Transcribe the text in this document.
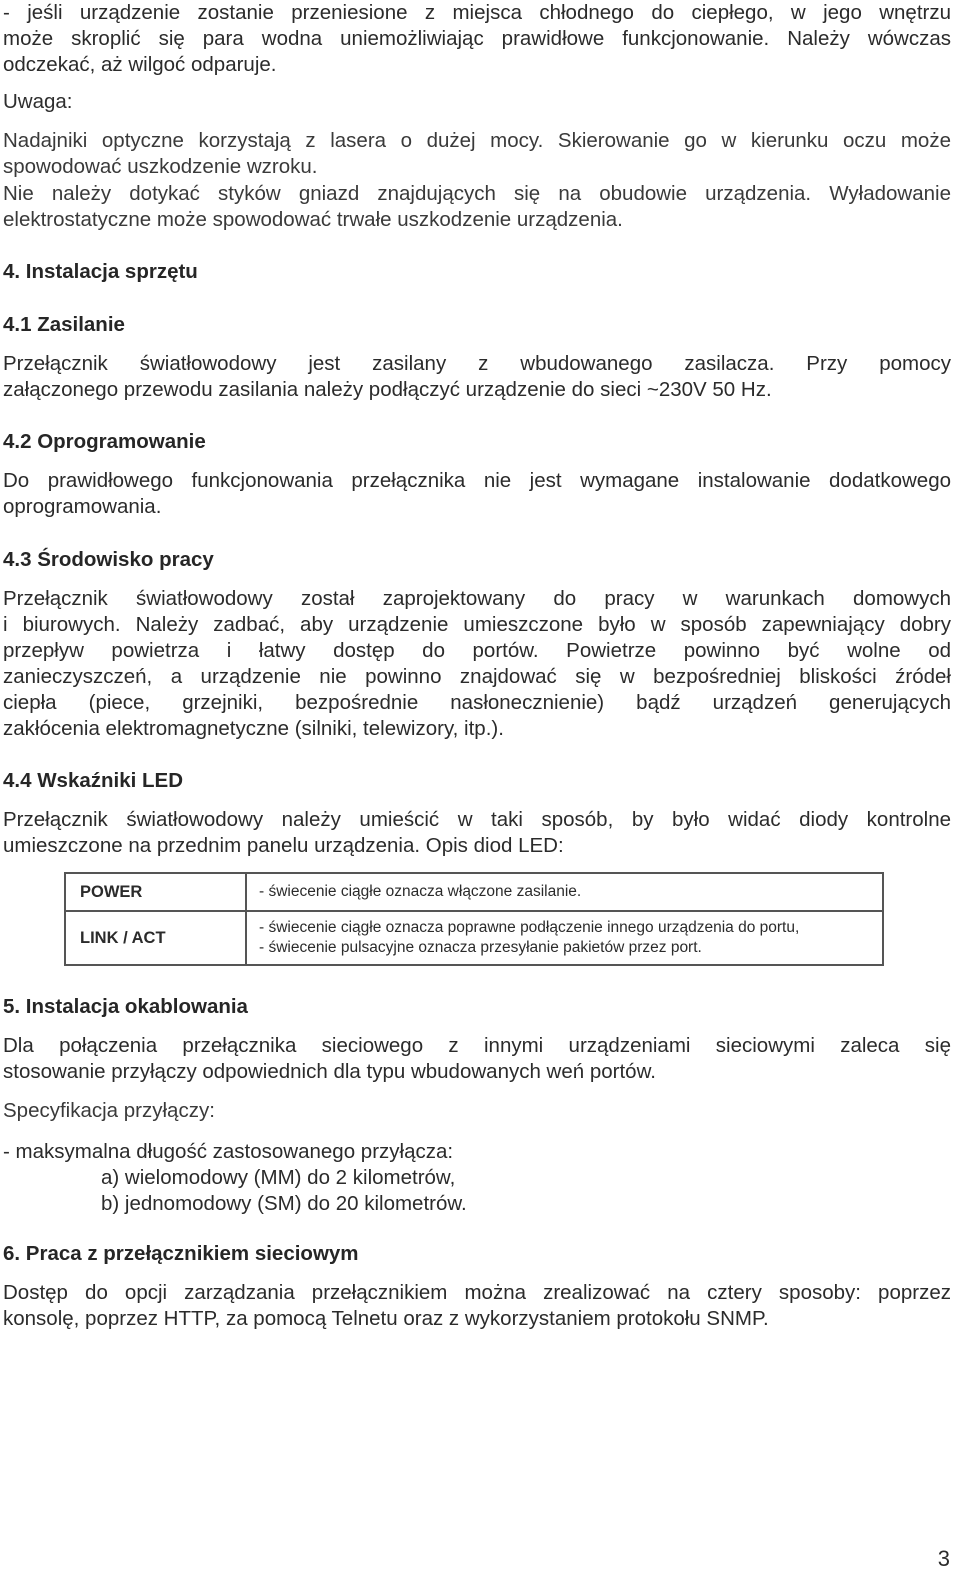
- jeśli urządzenie zostanie przeniesione z miejsca chłodnego do ciepłego, w jego wnętrzu

może skroplić się para wodna uniemożliwiając prawidłowe funkcjonowanie. Należy wówczas

odczekać, aż wilgoć odparuje.

Uwaga:

Nadajniki optyczne korzystają z lasera o dużej mocy. Skierowanie go w kierunku oczu może

spowodować uszkodzenie wzroku.

Nie należy dotykać styków gniazd znajdujących się na obudowie urządzenia. Wyładowanie

elektrostatyczne może spowodować trwałe uszkodzenie urządzenia.

4. Instalacja sprzętu
4.1 Zasilanie

Przełącznik światłowodowy jest zasilany z wbudowanego zasilacza. Przy pomocy

załączonego przewodu zasilania należy podłączyć urządzenie do sieci ~230V 50 Hz.

4.2 Oprogramowanie

Do prawidłowego funkcjonowania przełącznika nie jest wymagane instalowanie dodatkowego

oprogramowania.

4.3 Środowisko pracy

Przełącznik światłowodowy został zaprojektowany do pracy w warunkach domowych

i biurowych. Należy zadbać, aby urządzenie umieszczone było w sposób zapewniający dobry

przepływ powietrza i łatwy dostęp do portów. Powietrze powinno być wolne od

zanieczyszczeń, a urządzenie nie powinno znajdować się w bezpośredniej bliskości źródeł

ciepła (piece, grzejniki, bezpośrednie nasłonecznienie) bądź urządzeń generujących

zakłócenia elektromagnetyczne (silniki, telewizory, itp.).

4.4 Wskaźniki LED

Przełącznik światłowodowy należy umieścić w taki sposób, by było widać diody kontrolne

umieszczone na przednim panelu urządzenia. Opis diod LED:

POWER	- świecenie ciągłe oznacza włączone zasilanie.

LINK / ACT	- świecenie ciągłe oznacza poprawne podłączenie innego urządzenia do portu,
- świecenie pulsacyjne oznacza przesyłanie pakietów przez port.
5. Instalacja okablowania

Dla połączenia przełącznika sieciowego z innymi urządzeniami sieciowymi zaleca się

stosowanie przyłączy odpowiednich dla typu wbudowanych weń portów.

Specyfikacja przyłączy:

- maksymalna długość zastosowanego przyłącza:

a) wielomodowy (MM) do 2 kilometrów,

b) jednomodowy (SM) do 20 kilometrów.

6. Praca z przełącznikiem sieciowym

Dostęp do opcji zarządzania przełącznikiem można zrealizować na cztery sposoby: poprzez

konsolę, poprzez HTTP, za pomocą Telnetu oraz z wykorzystaniem protokołu SNMP.

3
